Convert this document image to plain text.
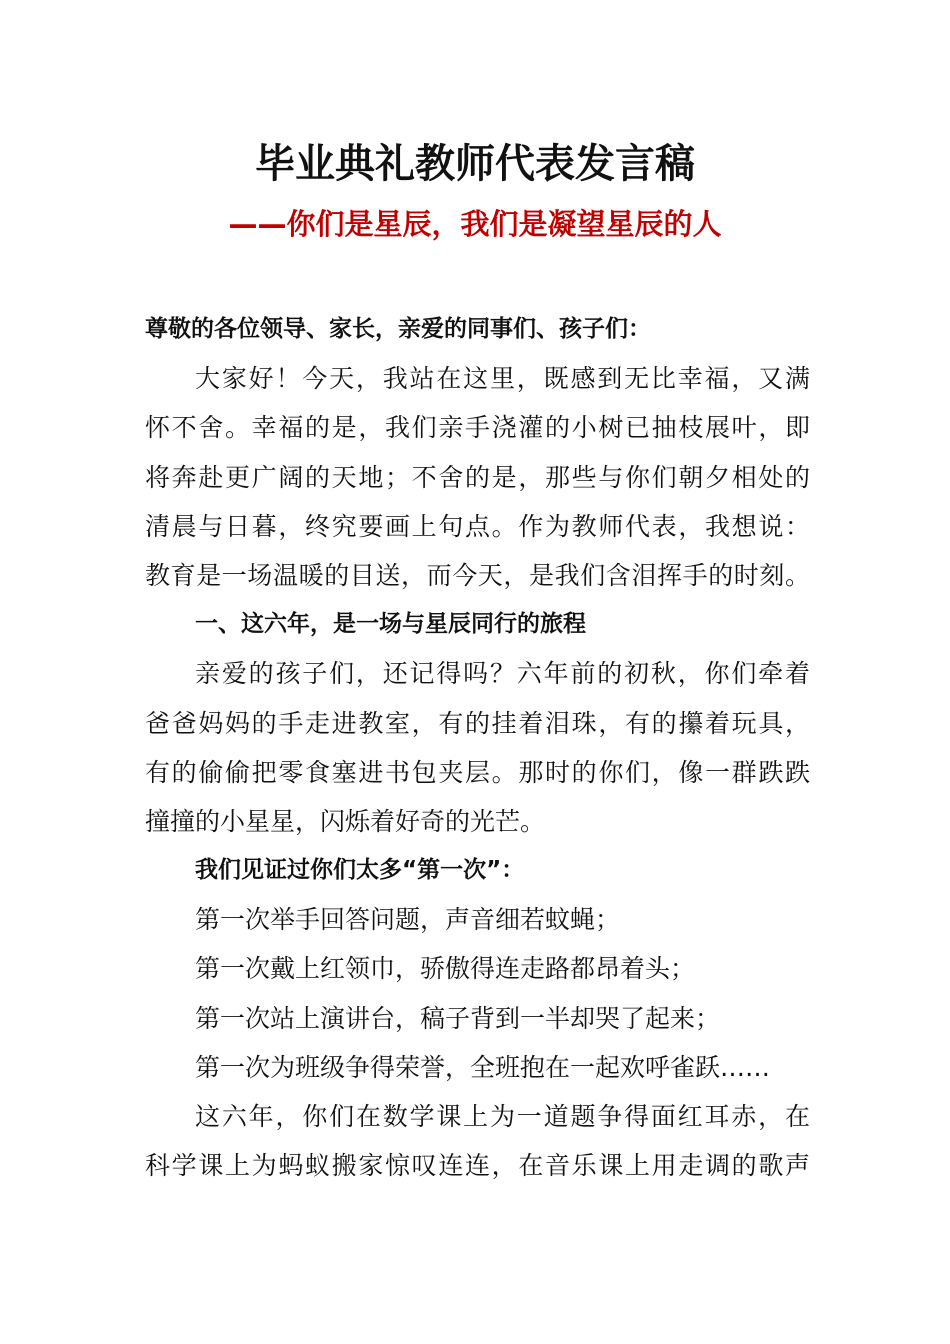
毕业典礼教师代表发言稿
——你们是星辰，我们是凝望星辰的人
尊敬的各位领导、家长，亲爱的同事们、孩子们：
大家好！今天，我站在这里，既感到无比幸福，又满
怀不舍。幸福的是，我们亲手浇灌的小树已抽枝展叶，即
将奔赴更广阔的天地；不舍的是，那些与你们朝夕相处的
清晨与日暮，终究要画上句点。作为教师代表，我想说：
教育是一场温暖的目送，而今天，是我们含泪挥手的时刻。
一、这六年，是一场与星辰同行的旅程
亲爱的孩子们，还记得吗？六年前的初秋，你们牵着
爸爸妈妈的手走进教室，有的挂着泪珠，有的攥着玩具，
有的偷偷把零食塞进书包夹层。那时的你们，像一群跌跌
撞撞的小星星，闪烁着好奇的光芒。
我们见证过你们太多“第一次”：
第一次举手回答问题，声音细若蚊蝇；
第一次戴上红领巾，骄傲得连走路都昂着头；
第一次站上演讲台，稿子背到一半却哭了起来；
第一次为班级争得荣誉，全班抱在一起欢呼雀跃……
这六年，你们在数学课上为一道题争得面红耳赤，在
科学课上为蚂蚁搬家惊叹连连，在音乐课上用走调的歌声
